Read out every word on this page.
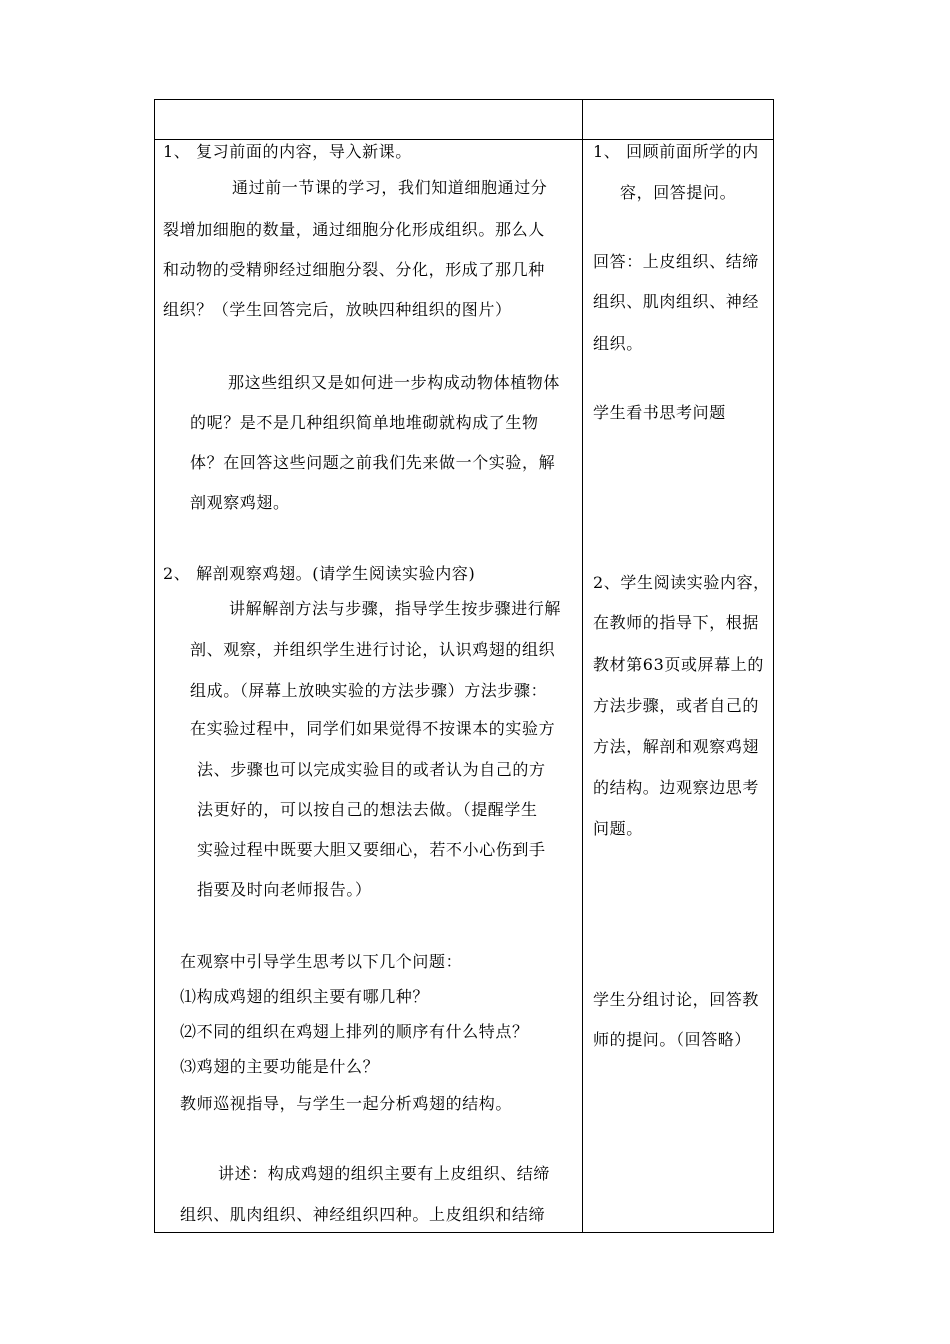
1、 复习前面的内容，导入新课。
通过前一节课的学习，我们知道细胞通过分
裂增加细胞的数量，通过细胞分化形成组织。那么人
和动物的受精卵经过细胞分裂、分化，形成了那几种
组织？（学生回答完后，放映四种组织的图片）
那这些组织又是如何进一步构成动物体植物体
的呢？是不是几种组织简单地堆砌就构成了生物
体？在回答这些问题之前我们先来做一个实验，解
剖观察鸡翅。
2、 解剖观察鸡翅。(请学生阅读实验内容)
讲解解剖方法与步骤，指导学生按步骤进行解
剖、观察，并组织学生进行讨论，认识鸡翅的组织
组成。（屏幕上放映实验的方法步骤）方法步骤：
在实验过程中，同学们如果觉得不按课本的实验方
法、步骤也可以完成实验目的或者认为自己的方
法更好的，可以按自己的想法去做。（提醒学生
实验过程中既要大胆又要细心，若不小心伤到手
指要及时向老师报告。）
在观察中引导学生思考以下几个问题：
⑴构成鸡翅的组织主要有哪几种？
⑵不同的组织在鸡翅上排列的顺序有什么特点？
⑶鸡翅的主要功能是什么？
教师巡视指导，与学生一起分析鸡翅的结构。
讲述：构成鸡翅的组织主要有上皮组织、结缔
组织、肌肉组织、神经组织四种。上皮组织和结缔
1、 回顾前面所学的内
容，回答提问。
回答：上皮组织、结缔
组织、肌肉组织、神经
组织。
学生看书思考问题
2、学生阅读实验内容，
在教师的指导下，根据
教材第63页或屏幕上的
方法步骤，或者自己的
方法，解剖和观察鸡翅
的结构。边观察边思考
问题。
学生分组讨论，回答教
师的提问。（回答略）
